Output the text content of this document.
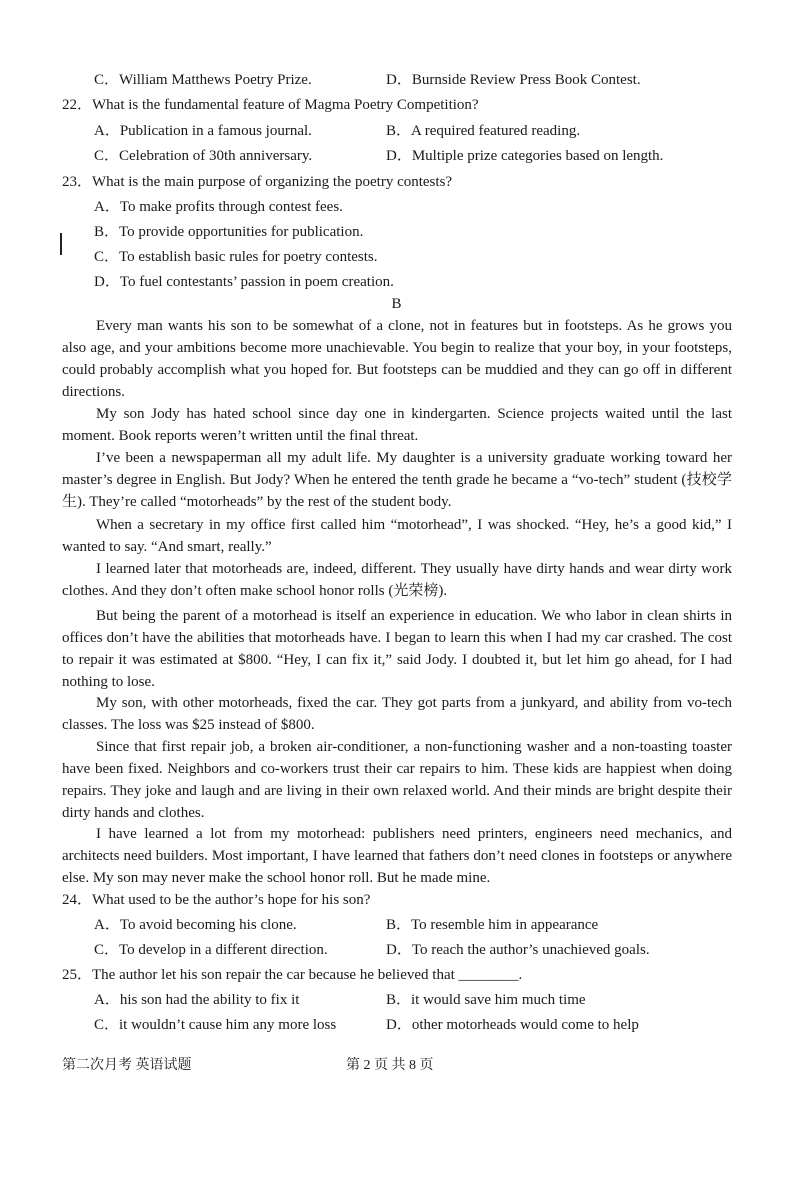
C．William Matthews Poetry Prize.	D．Burnside Review Press Book Contest.
22．What is the fundamental feature of Magma Poetry Competition?
A．Publication in a famous journal.	B．A required featured reading.
C．Celebration of 30th anniversary.	D．Multiple prize categories based on length.
23．What is the main purpose of organizing the poetry contests?
A．To make profits through contest fees.
B．To provide opportunities for publication.
C．To establish basic rules for poetry contests.
D．To fuel contestants’ passion in poem creation.
B
Every man wants his son to be somewhat of a clone, not in features but in footsteps. As he grows you also age, and your ambitions become more unachievable. You begin to realize that your boy, in your footsteps, could probably accomplish what you hoped for. But footsteps can be muddied and they can go off in different directions.
My son Jody has hated school since day one in kindergarten. Science projects waited until the last moment. Book reports weren’t written until the final threat.
I’ve been a newspaperman all my adult life. My daughter is a university graduate working toward her master’s degree in English. But Jody? When he entered the tenth grade he became a “vo-tech” student (技校学生). They’re called “motorheads” by the rest of the student body.
When a secretary in my office first called him “motorhead”, I was shocked. “Hey, he’s a good kid,” I wanted to say. “And smart, really.”
I learned later that motorheads are, indeed, different. They usually have dirty hands and wear dirty work clothes. And they don’t often make school honor rolls (光荣榜).
But being the parent of a motorhead is itself an experience in education. We who labor in clean shirts in offices don’t have the abilities that motorheads have. I began to learn this when I had my car crashed. The cost to repair it was estimated at $800. “Hey, I can fix it,” said Jody. I doubted it, but let him go ahead, for I had nothing to lose.
My son, with other motorheads, fixed the car. They got parts from a junkyard, and ability from vo-tech classes. The loss was $25 instead of $800.
Since that first repair job, a broken air-conditioner, a non-functioning washer and a non-toasting toaster have been fixed. Neighbors and co-workers trust their car repairs to him. These kids are happiest when doing repairs. They joke and laugh and are living in their own relaxed world. And their minds are bright despite their dirty hands and clothes.
I have learned a lot from my motorhead: publishers need printers, engineers need mechanics, and architects need builders. Most important, I have learned that fathers don’t need clones in footsteps or anywhere else. My son may never make the school honor roll. But he made mine.
24．What used to be the author’s hope for his son?
A．To avoid becoming his clone.	B．To resemble him in appearance
C．To develop in a different direction.	D．To reach the author’s unachieved goals.
25．The author let his son repair the car because he believed that ________.
A．his son had the ability to fix it	B．it would save him much time
C．it wouldn’t cause him any more loss	D．other motorheads would come to help
第二次月考 英语试题	第 2 页 共 8 页
